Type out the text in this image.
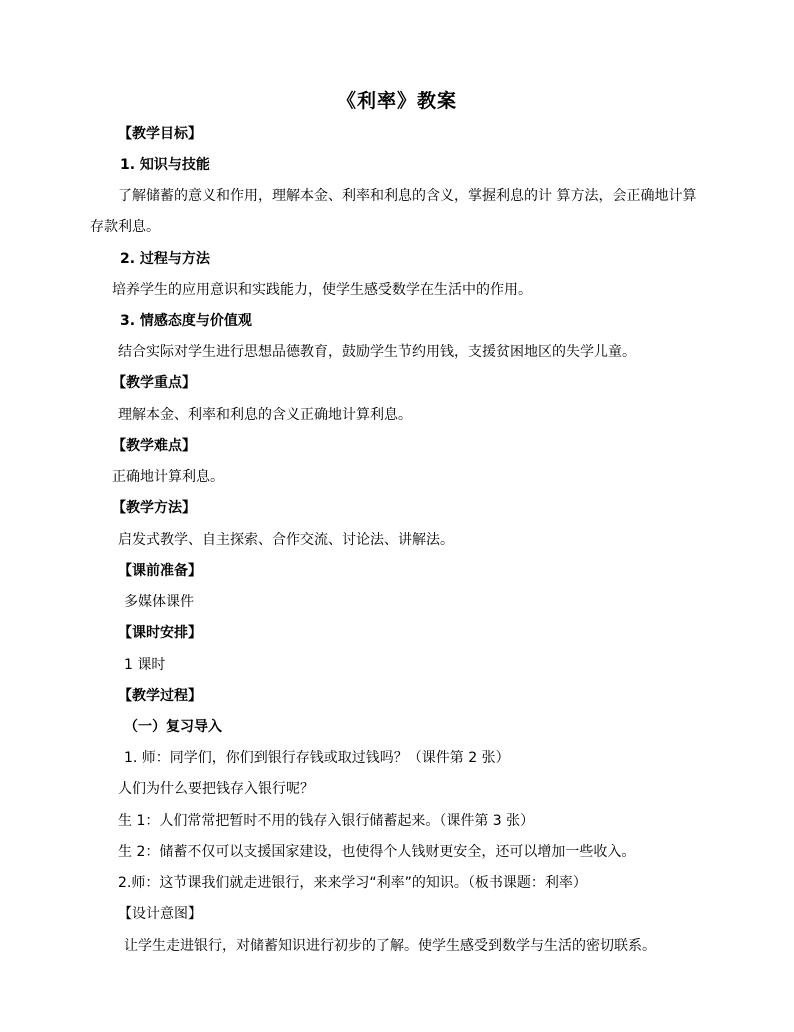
《利率》教案
【教学目标】
1. 知识与技能
了解储蓄的意义和作用，理解本金、利率和利息的含义，掌握利息的计 算方法，会正确地计算
存款利息。
2. 过程与方法
培养学生的应用意识和实践能力，使学生感受数学在生活中的作用。
3. 情感态度与价值观
结合实际对学生进行思想品德教育，鼓励学生节约用钱，支援贫困地区的失学儿童。
【教学重点】
理解本金、利率和利息的含义正确地计算利息。
【教学难点】
正确地计算利息。
【教学方法】
启发式教学、自主探索、合作交流、讨论法、讲解法。
【课前准备】
多媒体课件
【课时安排】
1 课时
【教学过程】
（一）复习导入
1. 师：同学们，你们到银行存钱或取过钱吗？（课件第 2 张）
人们为什么要把钱存入银行呢？
生 1：人们常常把暂时不用的钱存入银行储蓄起来。（课件第 3 张）
生 2：储蓄不仅可以支援国家建设，也使得个人钱财更安全，还可以增加一些收入。
2.师：这节课我们就走进银行，来来学习“利率”的知识。（板书课题：利率）
【设计意图】
让学生走进银行，对储蓄知识进行初步的了解。使学生感受到数学与生活的密切联系。
